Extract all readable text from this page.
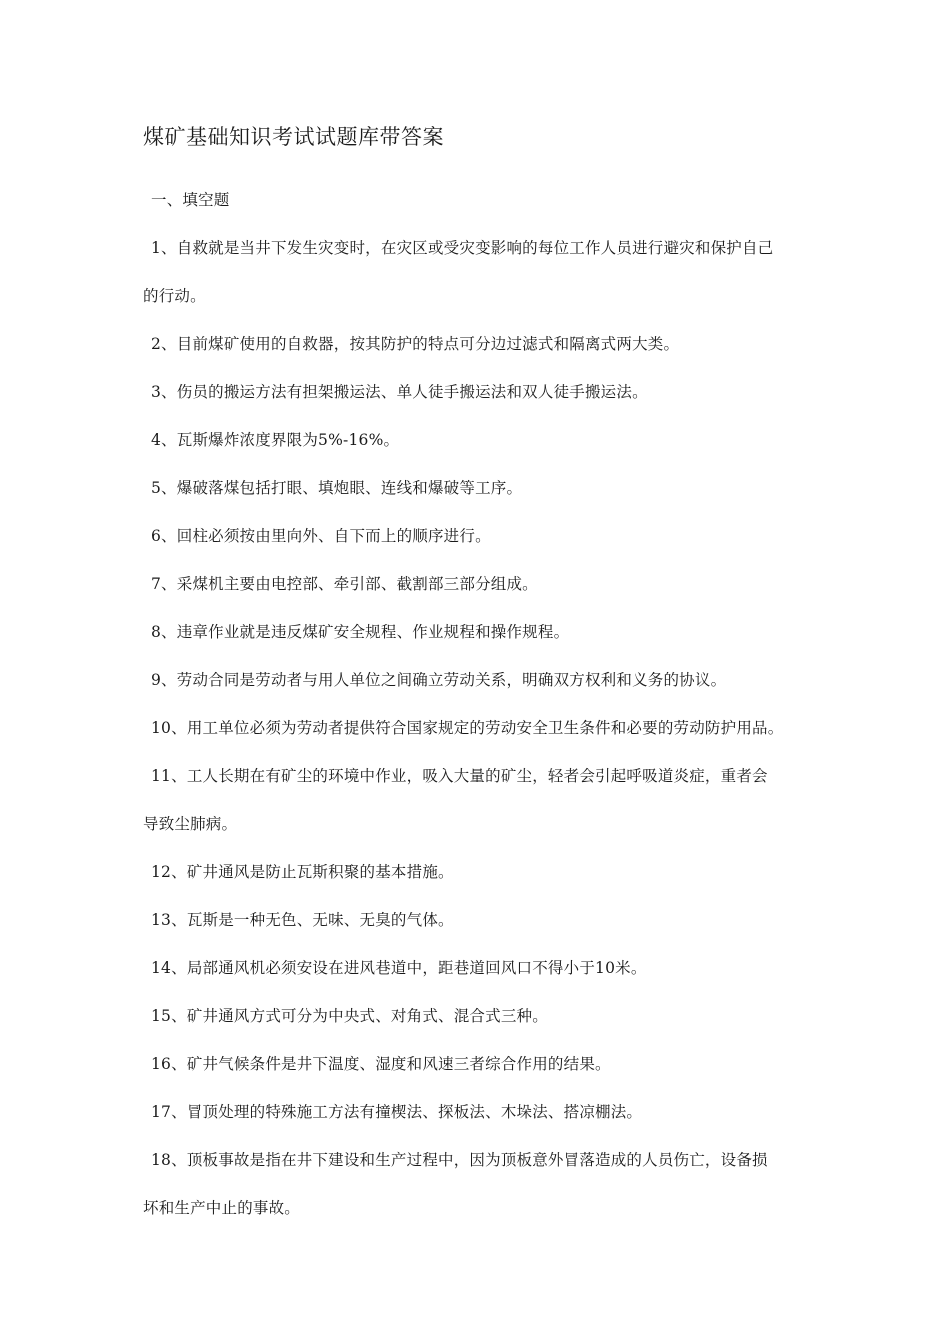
煤矿基础知识考试试题库带答案
一、填空题
1、自救就是当井下发生灾变时，在灾区或受灾变影响的每位工作人员进行避灾和保护自己
的行动。
2、目前煤矿使用的自救器，按其防护的特点可分边过滤式和隔离式两大类。
3、伤员的搬运方法有担架搬运法、单人徒手搬运法和双人徒手搬运法。
4、瓦斯爆炸浓度界限为5%-16%。
5、爆破落煤包括打眼、填炮眼、连线和爆破等工序。
6、回柱必须按由里向外、自下而上的顺序进行。
7、采煤机主要由电控部、牵引部、截割部三部分组成。
8、违章作业就是违反煤矿安全规程、作业规程和操作规程。
9、劳动合同是劳动者与用人单位之间确立劳动关系，明确双方权利和义务的协议。
10、用工单位必须为劳动者提供符合国家规定的劳动安全卫生条件和必要的劳动防护用品。
11、工人长期在有矿尘的环境中作业，吸入大量的矿尘，轻者会引起呼吸道炎症，重者会
导致尘肺病。
12、矿井通风是防止瓦斯积聚的基本措施。
13、瓦斯是一种无色、无味、无臭的气体。
14、局部通风机必须安设在进风巷道中，距巷道回风口不得小于10米。
15、矿井通风方式可分为中央式、对角式、混合式三种。
16、矿井气候条件是井下温度、湿度和风速三者综合作用的结果。
17、冒顶处理的特殊施工方法有撞楔法、探板法、木垛法、搭凉棚法。
18、顶板事故是指在井下建设和生产过程中，因为顶板意外冒落造成的人员伤亡，设备损
坏和生产中止的事故。
